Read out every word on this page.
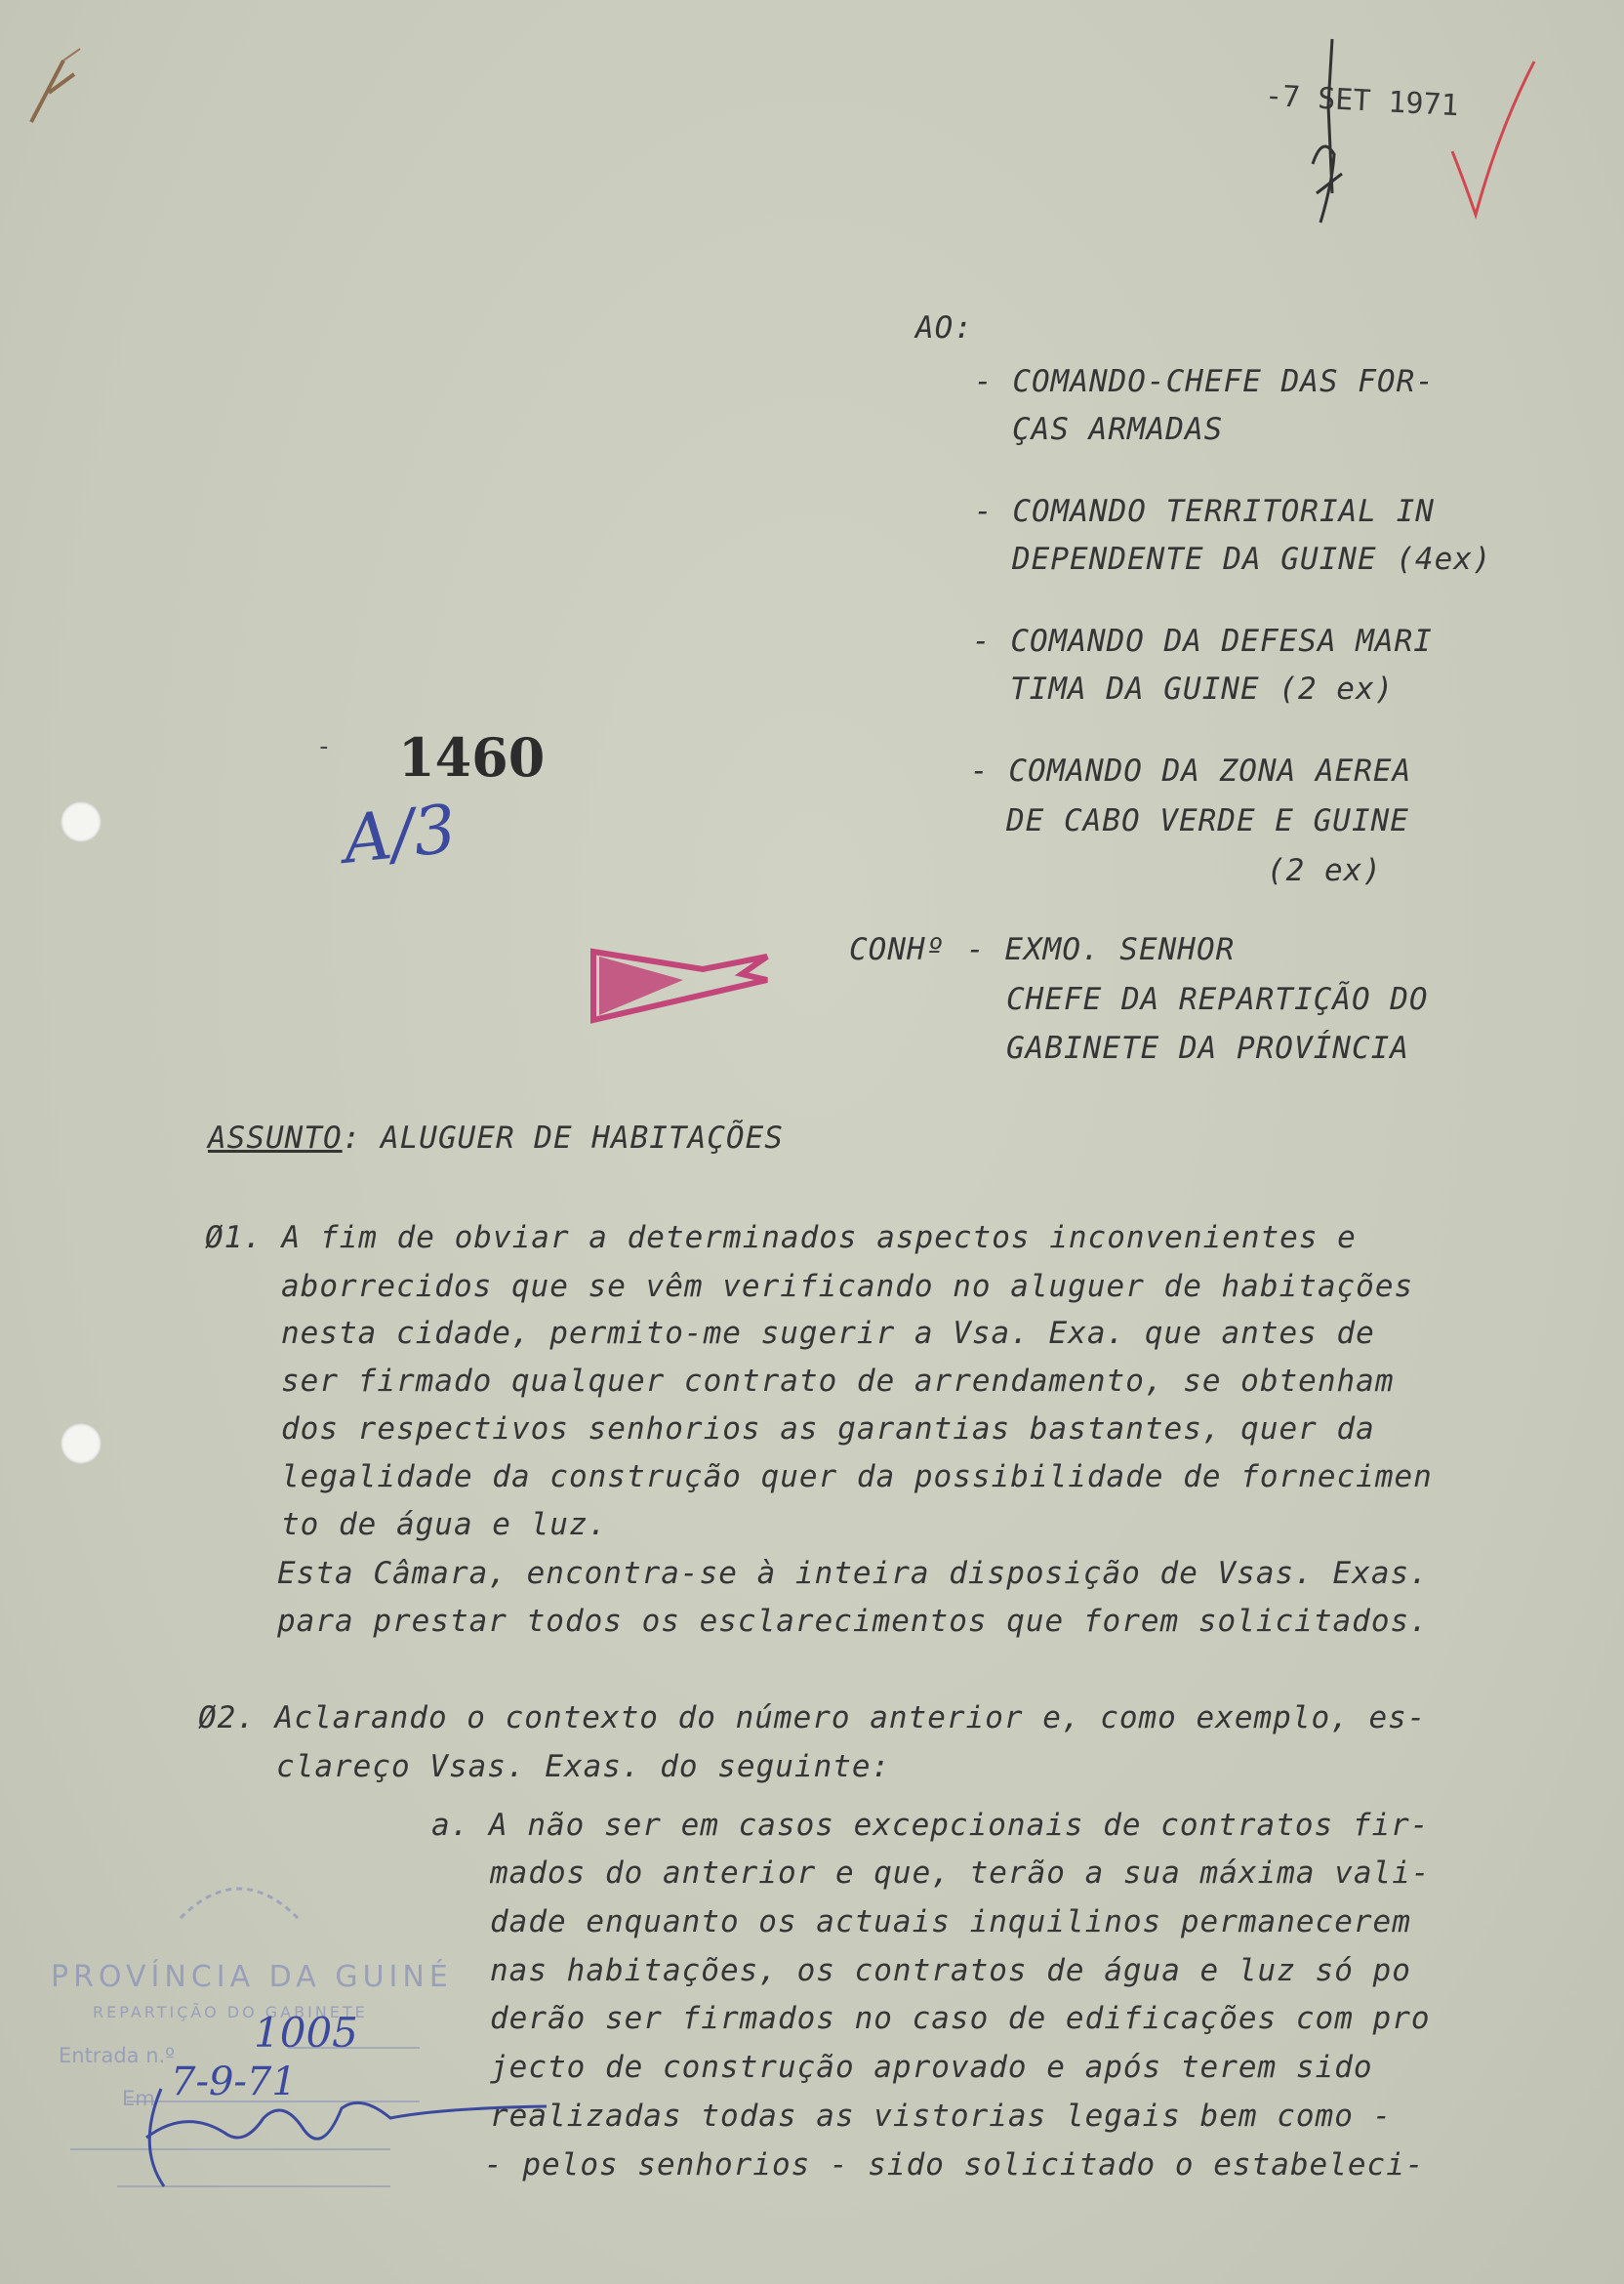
-7 SET 1971
AO:
- COMANDO-CHEFE DAS FOR-
ÇAS ARMADAS
- COMANDO TERRITORIAL IN
DEPENDENTE DA GUINE (4ex)
- COMANDO DA DEFESA MARI
TIMA DA GUINE (2 ex)
- COMANDO DA ZONA AEREA
DE CABO VERDE E GUINE
(2 ex)
CONHº - EXMO. SENHOR
CHEFE DA REPARTIÇÃO DO
GABINETE DA PROVÍNCIA
- 1460
A/3
ASSUNTO: ALUGUER DE HABITAÇÕES
Ø1. A fim de obviar a determinados aspectos inconvenientes e
aborrecidos que se vêm verificando no aluguer de habitações
nesta cidade, permito-me sugerir a Vsa. Exa. que antes de
ser firmado qualquer contrato de arrendamento, se obtenham
dos respectivos senhorios as garantias bastantes, quer da
legalidade da construção quer da possibilidade de fornecimen
to de água e luz.
Esta Câmara, encontra-se à inteira disposição de Vsas. Exas.
para prestar todos os esclarecimentos que forem solicitados.
Ø2. Aclarando o contexto do número anterior e, como exemplo, es-
clareço Vsas. Exas. do seguinte:
a. A não ser em casos excepcionais de contratos fir-
mados do anterior e que, terão a sua máxima vali-
dade enquanto os actuais inquilinos permanecerem
nas habitações, os contratos de água e luz só po
derão ser firmados no caso de edificações com pro
jecto de construção aprovado e após terem sido
realizadas todas as vistorias legais bem como -
- pelos senhorios - sido solicitado o estabeleci-
PROVÍNCIA DA GUINÉ
REPARTIÇÃO DO GABINETE
Entrada n.º
Em
1005
7-9-71
